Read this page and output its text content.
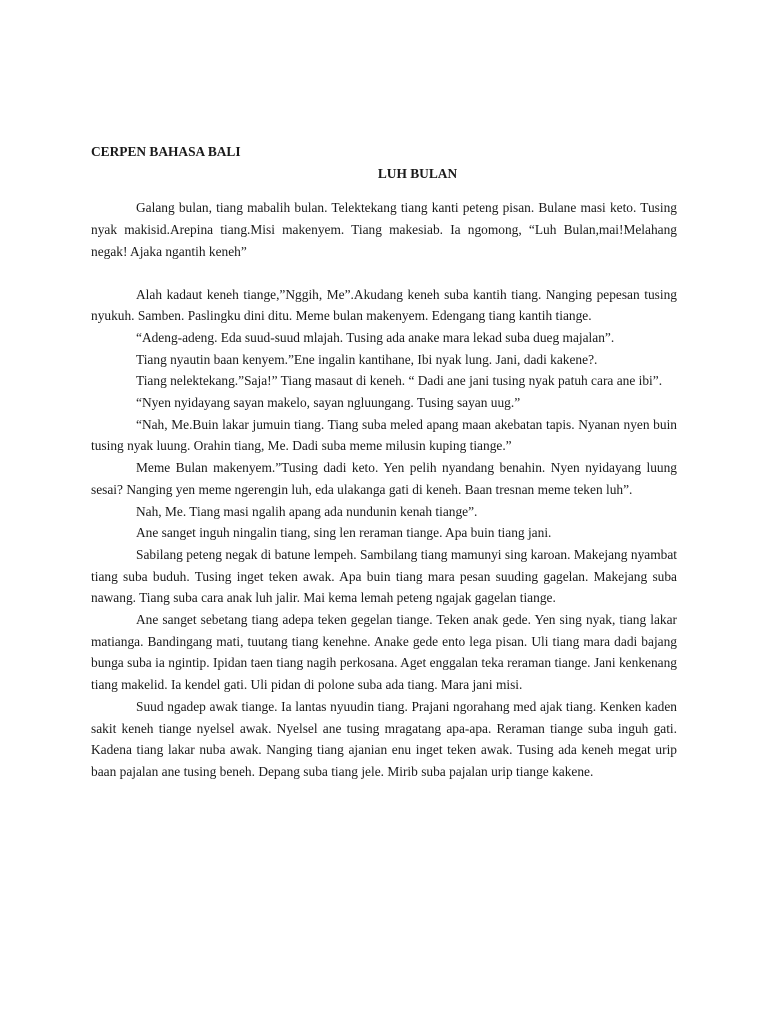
CERPEN BAHASA BALI

LUH BULAN

Galang bulan, tiang mabalih bulan. Telektekang tiang kanti peteng pisan. Bulane masi keto. Tusing nyak makisid.Arepina tiang.Misi makenyem. Tiang makesiab. Ia ngomong, “Luh Bulan,mai!Melahang negak! Ajaka ngantih keneh”

Alah kadaut keneh tiange,”Nggih, Me”.Akudang keneh suba kantih tiang. Nanging pepesan tusing nyukuh. Samben. Paslingku dini ditu. Meme bulan makenyem. Edengang tiang kantih tiange.

“Adeng-adeng. Eda suud-suud mlajah. Tusing ada anake mara lekad suba dueg majalan”.

Tiang nyautin baan kenyem.”Ene ingalin kantihane, Ibi nyak lung. Jani, dadi kakene?.

Tiang nelektekang.”Saja!” Tiang masaut di keneh. “ Dadi ane jani tusing nyak patuh cara ane ibi”.

“Nyen nyidayang sayan makelo, sayan ngluungang. Tusing sayan uug.”

“Nah, Me.Buin lakar jumuin tiang. Tiang suba meled apang maan akebatan tapis. Nyanan nyen buin tusing nyak luung. Orahin tiang, Me. Dadi suba meme milusin kuping tiange.”

Meme Bulan makenyem.”Tusing dadi keto. Yen pelih nyandang benahin. Nyen nyidayang luung sesai? Nanging yen meme ngerengin luh, eda ulakanga gati di keneh. Baan tresnan meme teken luh”.

Nah, Me. Tiang masi ngalih apang ada nundunin kenah tiange”.

Ane sanget inguh ningalin tiang, sing len reraman tiange. Apa buin tiang jani.

Sabilang peteng negak di batune lempeh. Sambilang tiang mamunyi sing karoan. Makejang nyambat tiang suba buduh. Tusing inget teken awak. Apa buin tiang mara pesan suuding gagelan. Makejang suba nawang. Tiang suba cara anak luh jalir. Mai kema lemah peteng ngajak gagelan tiange.

Ane sanget sebetang tiang adepa teken gegelan tiange. Teken anak gede. Yen sing nyak, tiang lakar matianga. Bandingang mati, tuutang tiang kenehne. Anake gede ento lega pisan. Uli tiang mara dadi bajang bunga suba ia ngintip. Ipidan taen tiang nagih perkosana. Aget enggalan teka reraman tiange. Jani kenkenang tiang makelid. Ia kendel gati. Uli pidan di polone suba ada tiang. Mara jani misi.

Suud ngadep awak tiange. Ia lantas nyuudin tiang. Prajani ngorahang med ajak tiang. Kenken kaden sakit keneh tiange nyelsel awak. Nyelsel ane tusing mragatang apa-apa. Reraman tiange suba inguh gati. Kadena tiang lakar nuba awak. Nanging tiang ajanian enu inget teken awak. Tusing ada keneh megat urip baan pajalan ane tusing beneh. Depang suba tiang jele. Mirib suba pajalan urip tiange kakene.
